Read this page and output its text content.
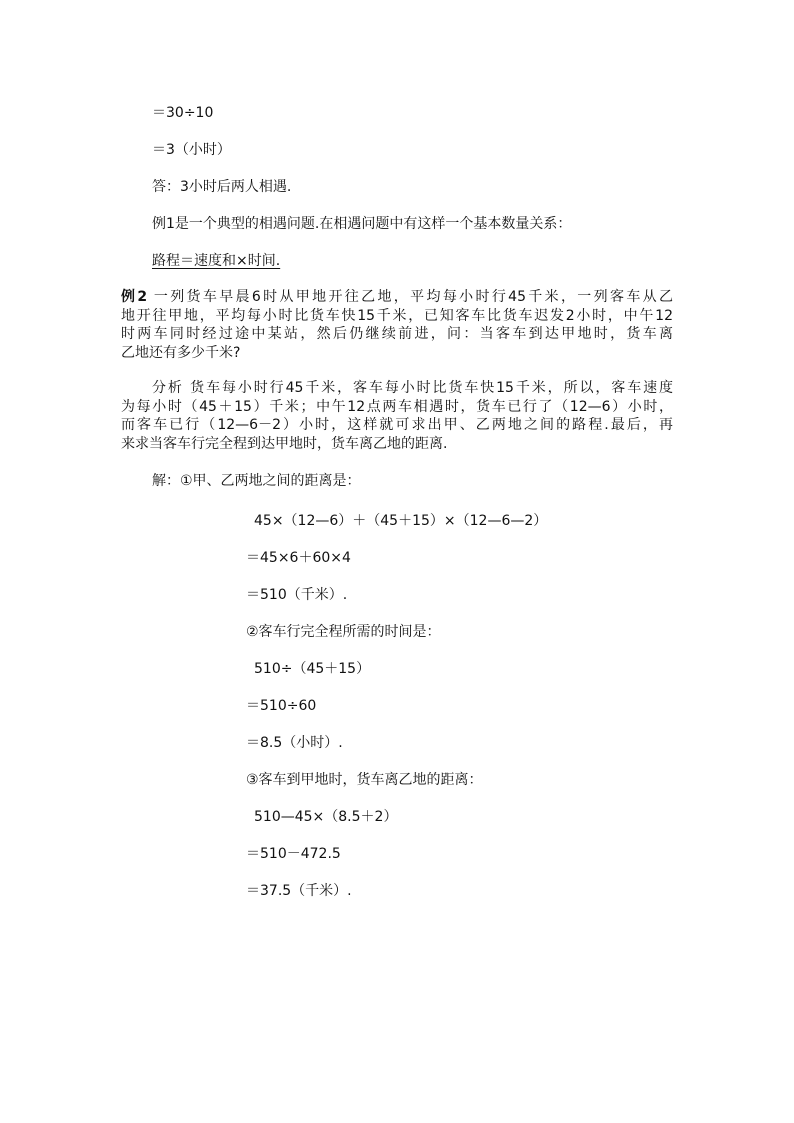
＝30÷10
＝3（小时）
答：3小时后两人相遇.
例1是一个典型的相遇问题.在相遇问题中有这样一个基本数量关系：
路程＝速度和×时间.
例2 一列货车早晨6时从甲地开往乙地，平均每小时行45千米，一列客车从乙
地开往甲地，平均每小时比货车快15千米，已知客车比货车迟发2小时，中午12
时两车同时经过途中某站，然后仍继续前进，问：当客车到达甲地时，货车离
乙地还有多少千米?
分析 货车每小时行45千米，客车每小时比货车快15千米，所以，客车速度
为每小时（45＋15）千米；中午12点两车相遇时，货车已行了（12—6）小时，
而客车已行（12—6－2）小时，这样就可求出甲、乙两地之间的路程.最后，再
来求当客车行完全程到达甲地时，货车离乙地的距离.
解：①甲、乙两地之间的距离是：
45×（12—6）＋（45＋15）×（12—6—2）
＝45×6＋60×4
＝510（千米）.
②客车行完全程所需的时间是：
510÷（45＋15）
＝510÷60
＝8.5（小时）.
③客车到甲地时，货车离乙地的距离：
510—45×（8.5＋2）
＝510－472.5
＝37.5（千米）.
